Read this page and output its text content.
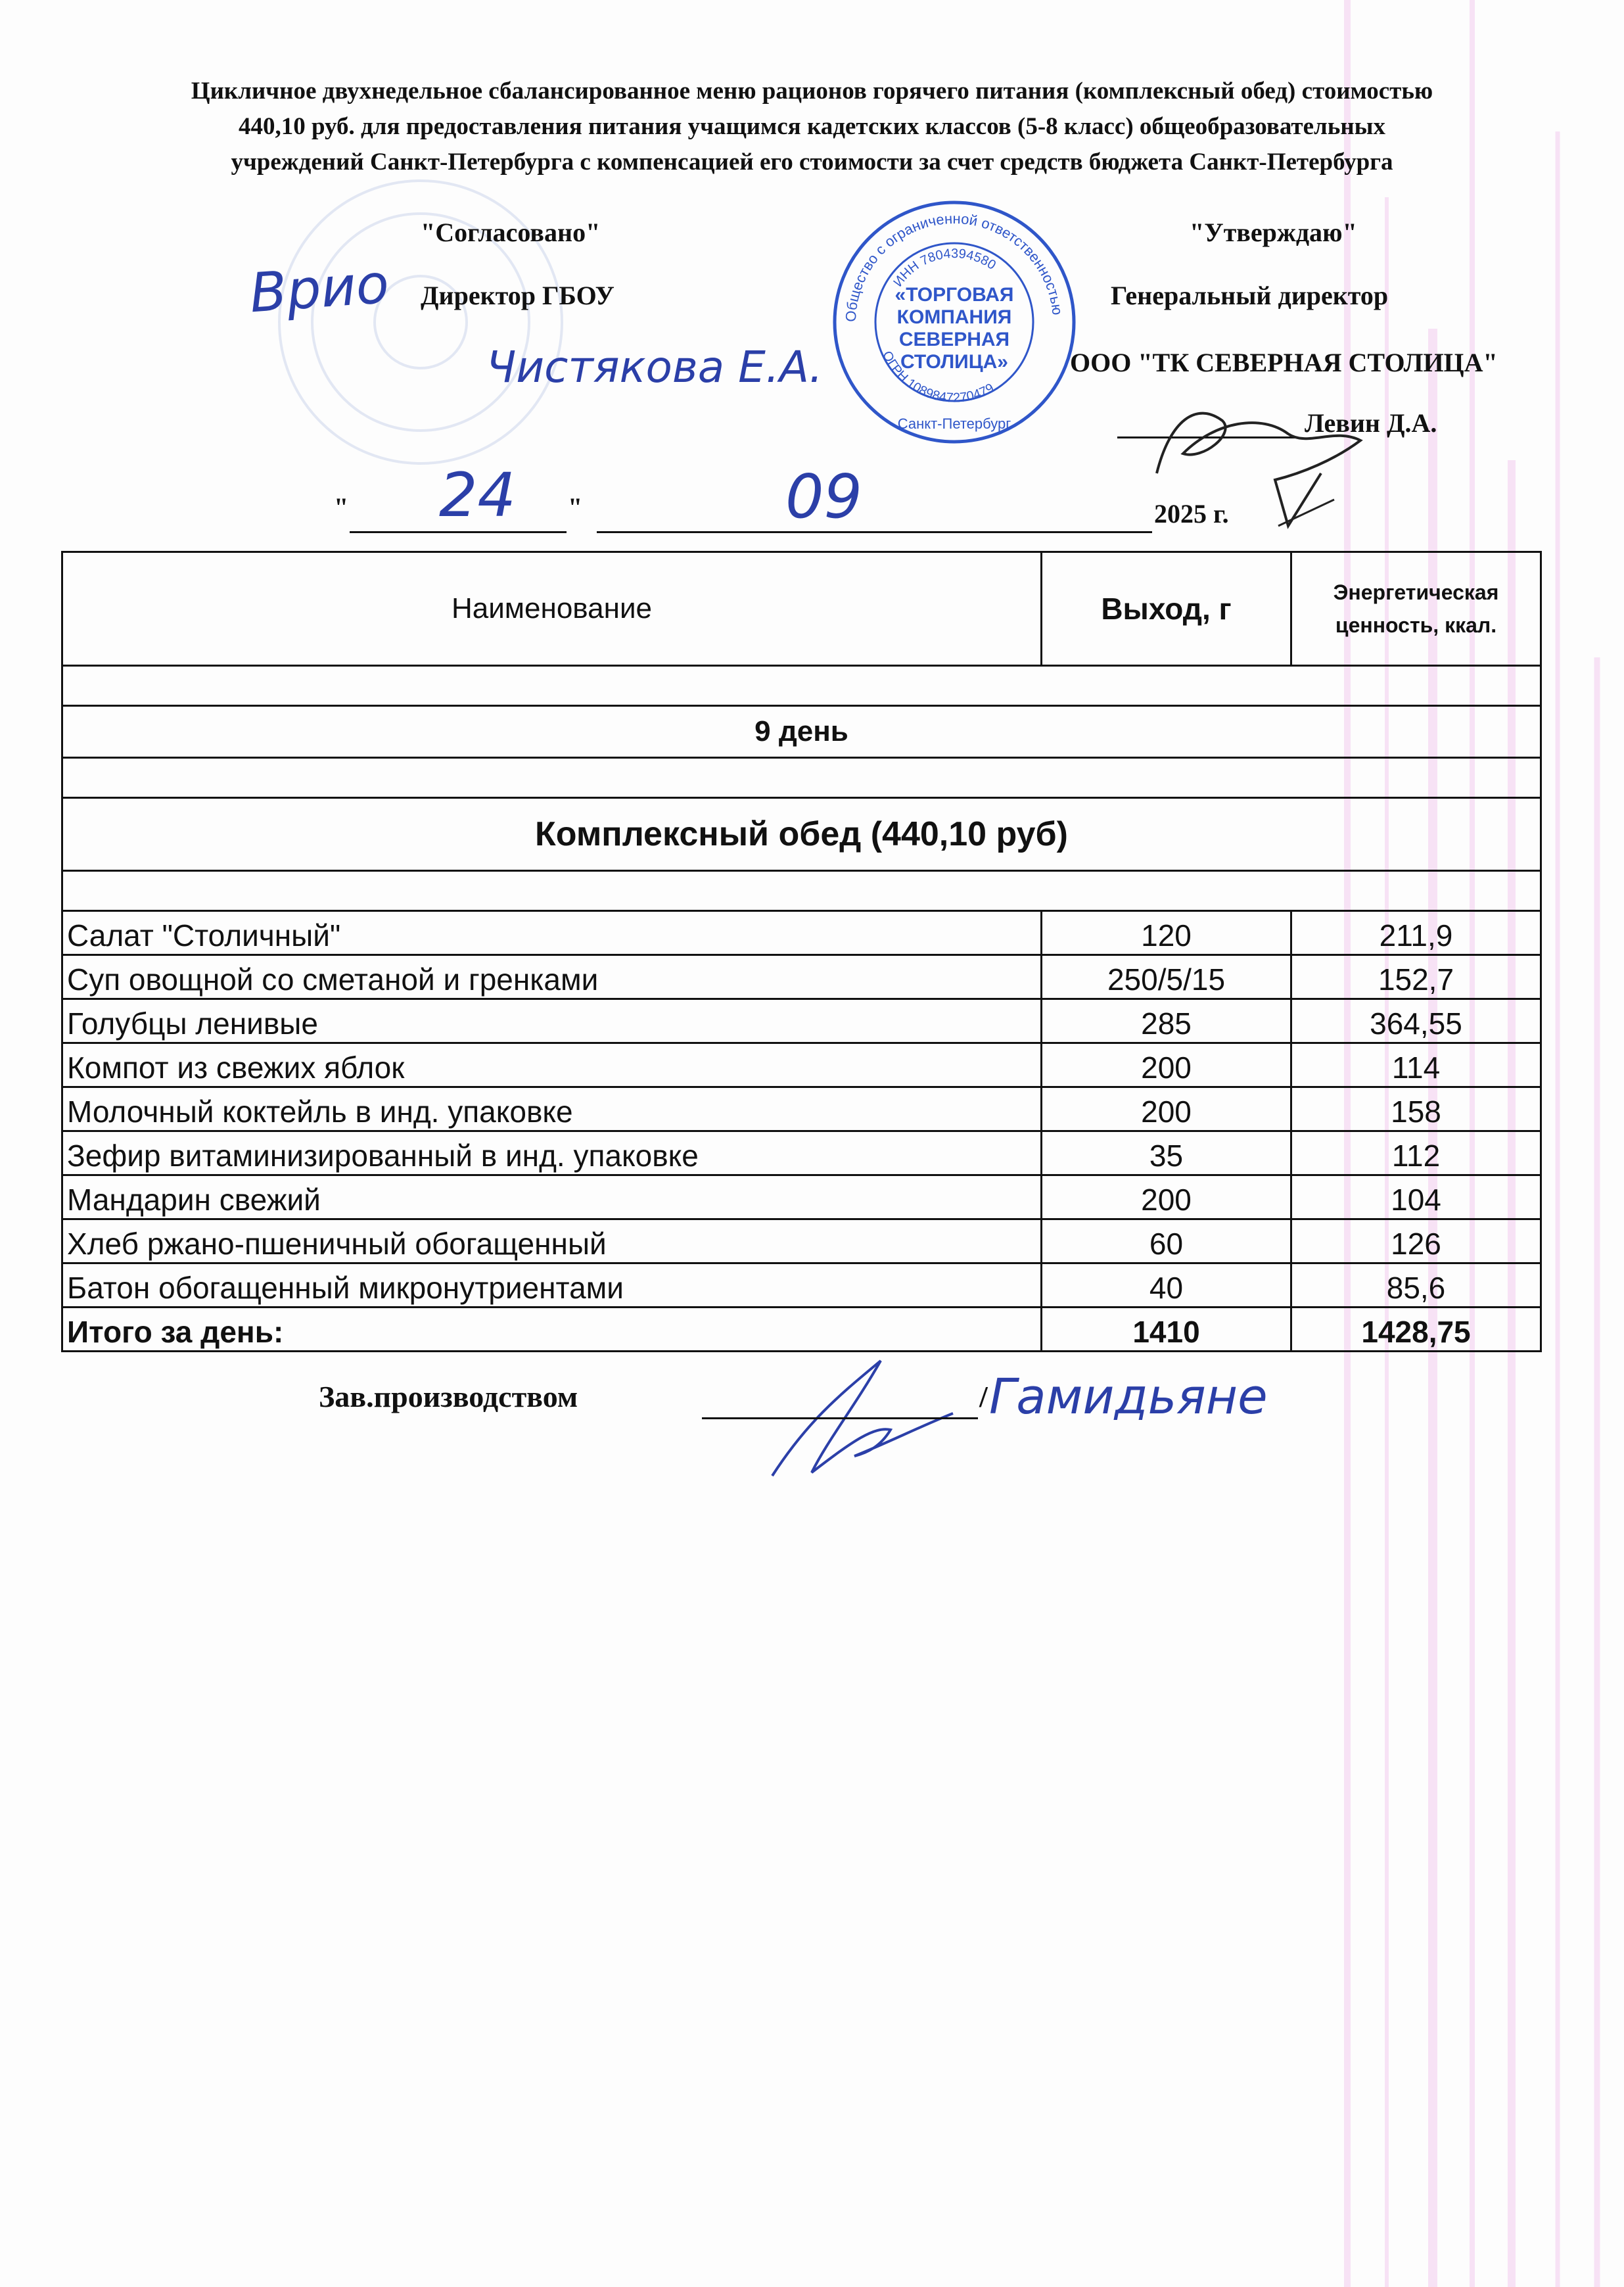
Цикличное двухнедельное сбалансированное меню рационов горячего питания (комплексный обед) стоимостью
440,10 руб. для предоставления питания учащимся кадетских классов (5-8 класс) общеобразовательных
учреждений Санкт-Петербурга с компенсацией его стоимости за счет средств бюджета Санкт-Петербурга
"Согласовано"
Директор ГБОУ
Врио
Чистякова Е.А.
"Утверждаю"
Генеральный директор
ООО "ТК СЕВЕРНАЯ СТОЛИЦА"
Левин Д.А.
" 24 "	09	2025 г.
Общество с ограниченной ответственностью
ИНН 7804394580
ОГРН 1089847270479
«ТОРГОВАЯ
КОМПАНИЯ
СЕВЕРНАЯ
СТОЛИЦА»
Санкт-Петербург
Наименование	Выход, г	Энергетическая ценность, ккал.

9 день		

Комплексный обед (440,10 руб)		

Салат "Столичный"	120	211,9
Суп овощной со сметаной и гренками	250/5/15	152,7
Голубцы ленивые	285	364,55
Компот из свежих яблок	200	114
Молочный коктейль в инд. упаковке	200	158
Зефир витаминизированный в инд. упаковке	35	112
Мандарин свежий	200	104
Хлеб ржано-пшеничный обогащенный	60	126
Батон обогащенный микронутриентами	40	85,6
Итого за день:	1410	1428,75
Зав.производством	/ Гамидьяне
